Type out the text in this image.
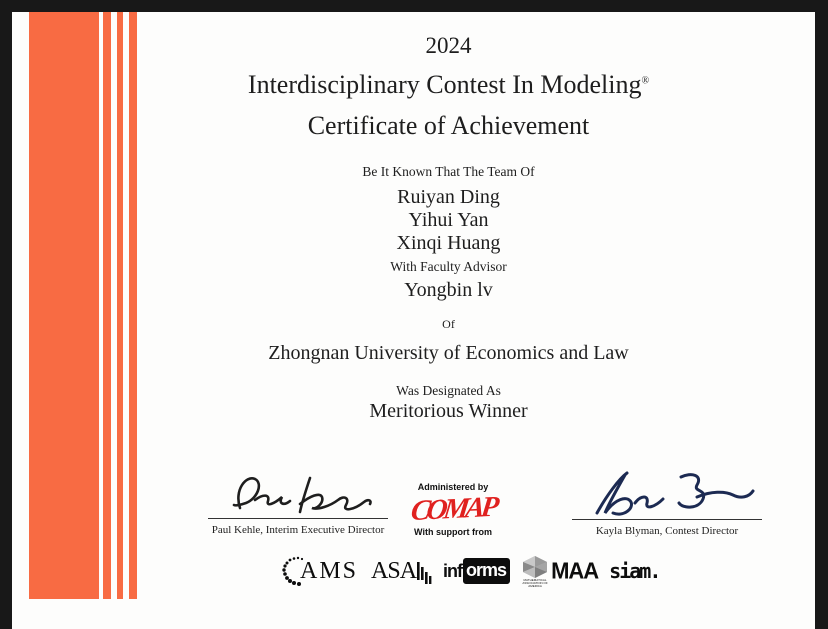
2024
Interdisciplinary Contest In Modeling®
Certificate of Achievement
Be It Known That The Team Of
Ruiyan Ding
Yihui Yan
Xinqi Huang
With Faculty Advisor
Yongbin lv
Of
Zhongnan University of Economics and Law
Was Designated As
Meritorious Winner
Paul Kehle, Interim Executive Director
Administered by
COMAP
With support from	Kayla Blyman, Contest Director
AMS ASA inf orms	MATHEMATICAL ASSOCIATION OF AMERICA
MAA siam.
